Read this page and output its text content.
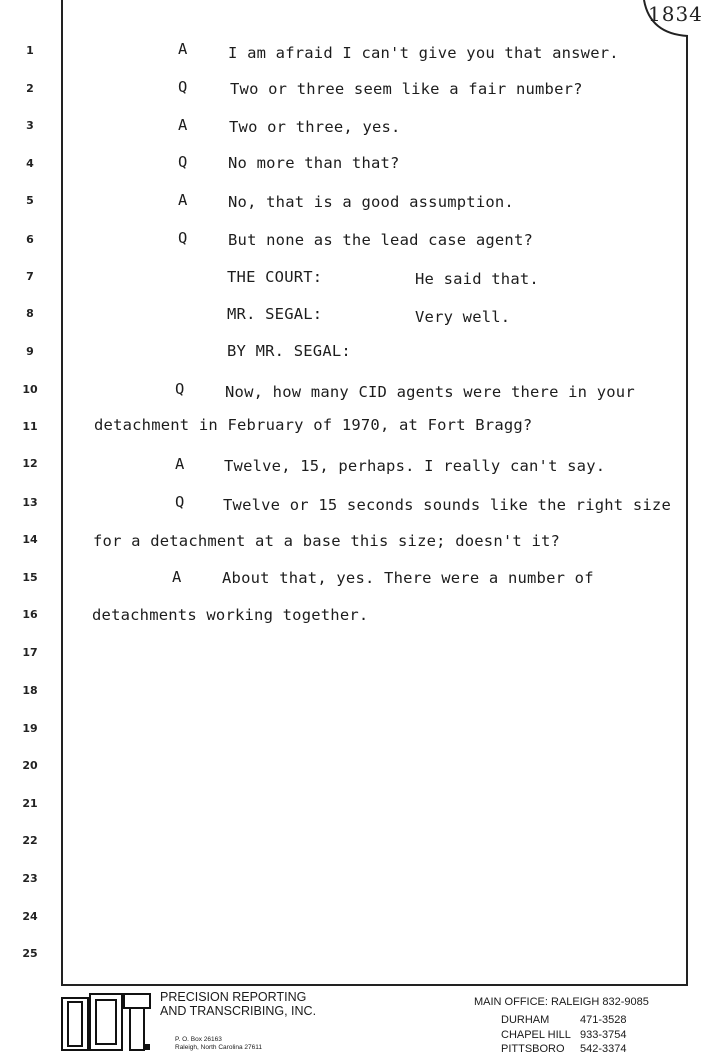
1834
1
2
3
4
5
6
7
8
9
10
11
12
13
14
15
16
17
18
19
20
21
22
23
24
25
A	I am afraid I can't give you that answer.
Q	Two or three seem like a fair number?
A	Two or three, yes.
Q	No more than that?
A	No, that is a good assumption.
Q	But none as the lead case agent?
THE COURT:	He said that.
MR. SEGAL:	Very well.
BY MR. SEGAL:
Q	Now, how many CID agents were there in your
detachment in February of 1970, at Fort Bragg?
A	Twelve, 15, perhaps. I really can't say.
Q Twelve or 15 seconds sounds like the right size
for a detachment at a base this size; doesn't it?
A	About that, yes. There were a number of
detachments working together.
P&T
PRECISION REPORTING
AND TRANSCRIBING, INC.
P. O. Box 26163
Raleigh, North Carolina 27611
MAIN OFFICE: RALEIGH 832-9085
DURHAM	471-3528
CHAPEL HILL 933-3754
PITTSBORO 542-3374
